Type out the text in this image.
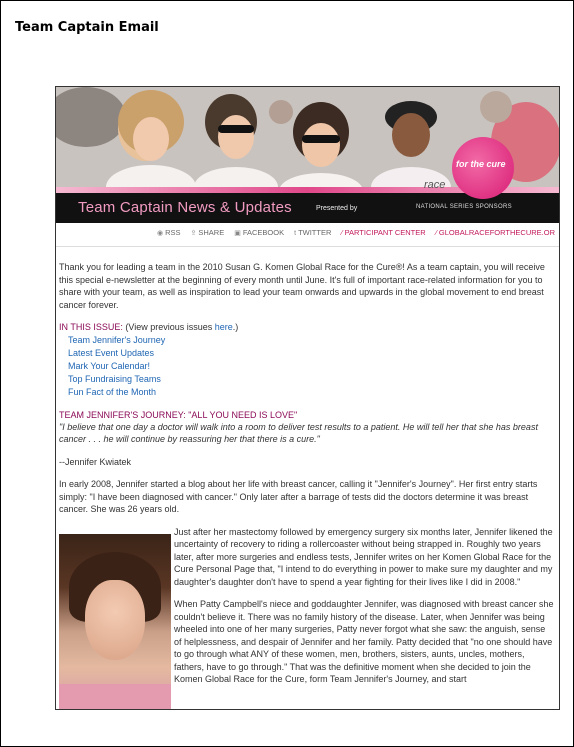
Team Captain Email
Team Captain News & Updates	Presented by
for the cure
race
NATIONAL SERIES SPONSORS
◉ RSS ⇪ SHARE ▣ FACEBOOK t TWITTER ⁄ PARTICIPANT CENTER ⁄ GLOBALRACEFORTHECURE.OR

Thank you for leading a team in the 2010 Susan G. Komen Global Race for the Cure®! As a team captain, you will receive this special e-newsletter at the beginning of every month until June. It's full of important race-related information for you to share with your team, as well as inspiration to lead your team onwards and upwards in the global movement to end breast cancer forever.

IN THIS ISSUE: (View previous issues here.)
Team Jennifer's Journey
Latest Event Updates
Mark Your Calendar!
Top Fundraising Teams
Fun Fact of the Month
TEAM JENNIFER'S JOURNEY: "ALL YOU NEED IS LOVE"

"I believe that one day a doctor will walk into a room to deliver test results to a patient. He will tell her that she has breast cancer . . . he will continue by reassuring her that there is a cure."

--Jennifer Kwiatek

In early 2008, Jennifer started a blog about her life with breast cancer, calling it "Jennifer's Journey". Her first entry starts simply: "I have been diagnosed with cancer." Only later after a barrage of tests did the doctors determine it was breast cancer. She was 26 years old.

Just after her mastectomy followed by emergency surgery six months later, Jennifer likened the uncertainty of recovery to riding a rollercoaster without being strapped in. Roughly two years later, after more surgeries and endless tests, Jennifer writes on her Komen Global Race for the Cure Personal Page that, "I intend to do everything in power to make sure my daughter and my daughter's daughter don't have to spend a year fighting for their lives like I did in 2008."

When Patty Campbell's niece and goddaughter Jennifer, was diagnosed with breast cancer she couldn't believe it. There was no family history of the disease. Later, when Jennifer was being wheeled into one of her many surgeries, Patty never forgot what she saw: the anguish, sense of helplessness, and despair of Jennifer and her family. Patty decided that "no one should have to go through what ANY of these women, men, brothers, sisters, aunts, uncles, mothers, fathers, have to go through." That was the definitive moment when she decided to join the Komen Global Race for the Cure, form Team Jennifer's Journey, and start
